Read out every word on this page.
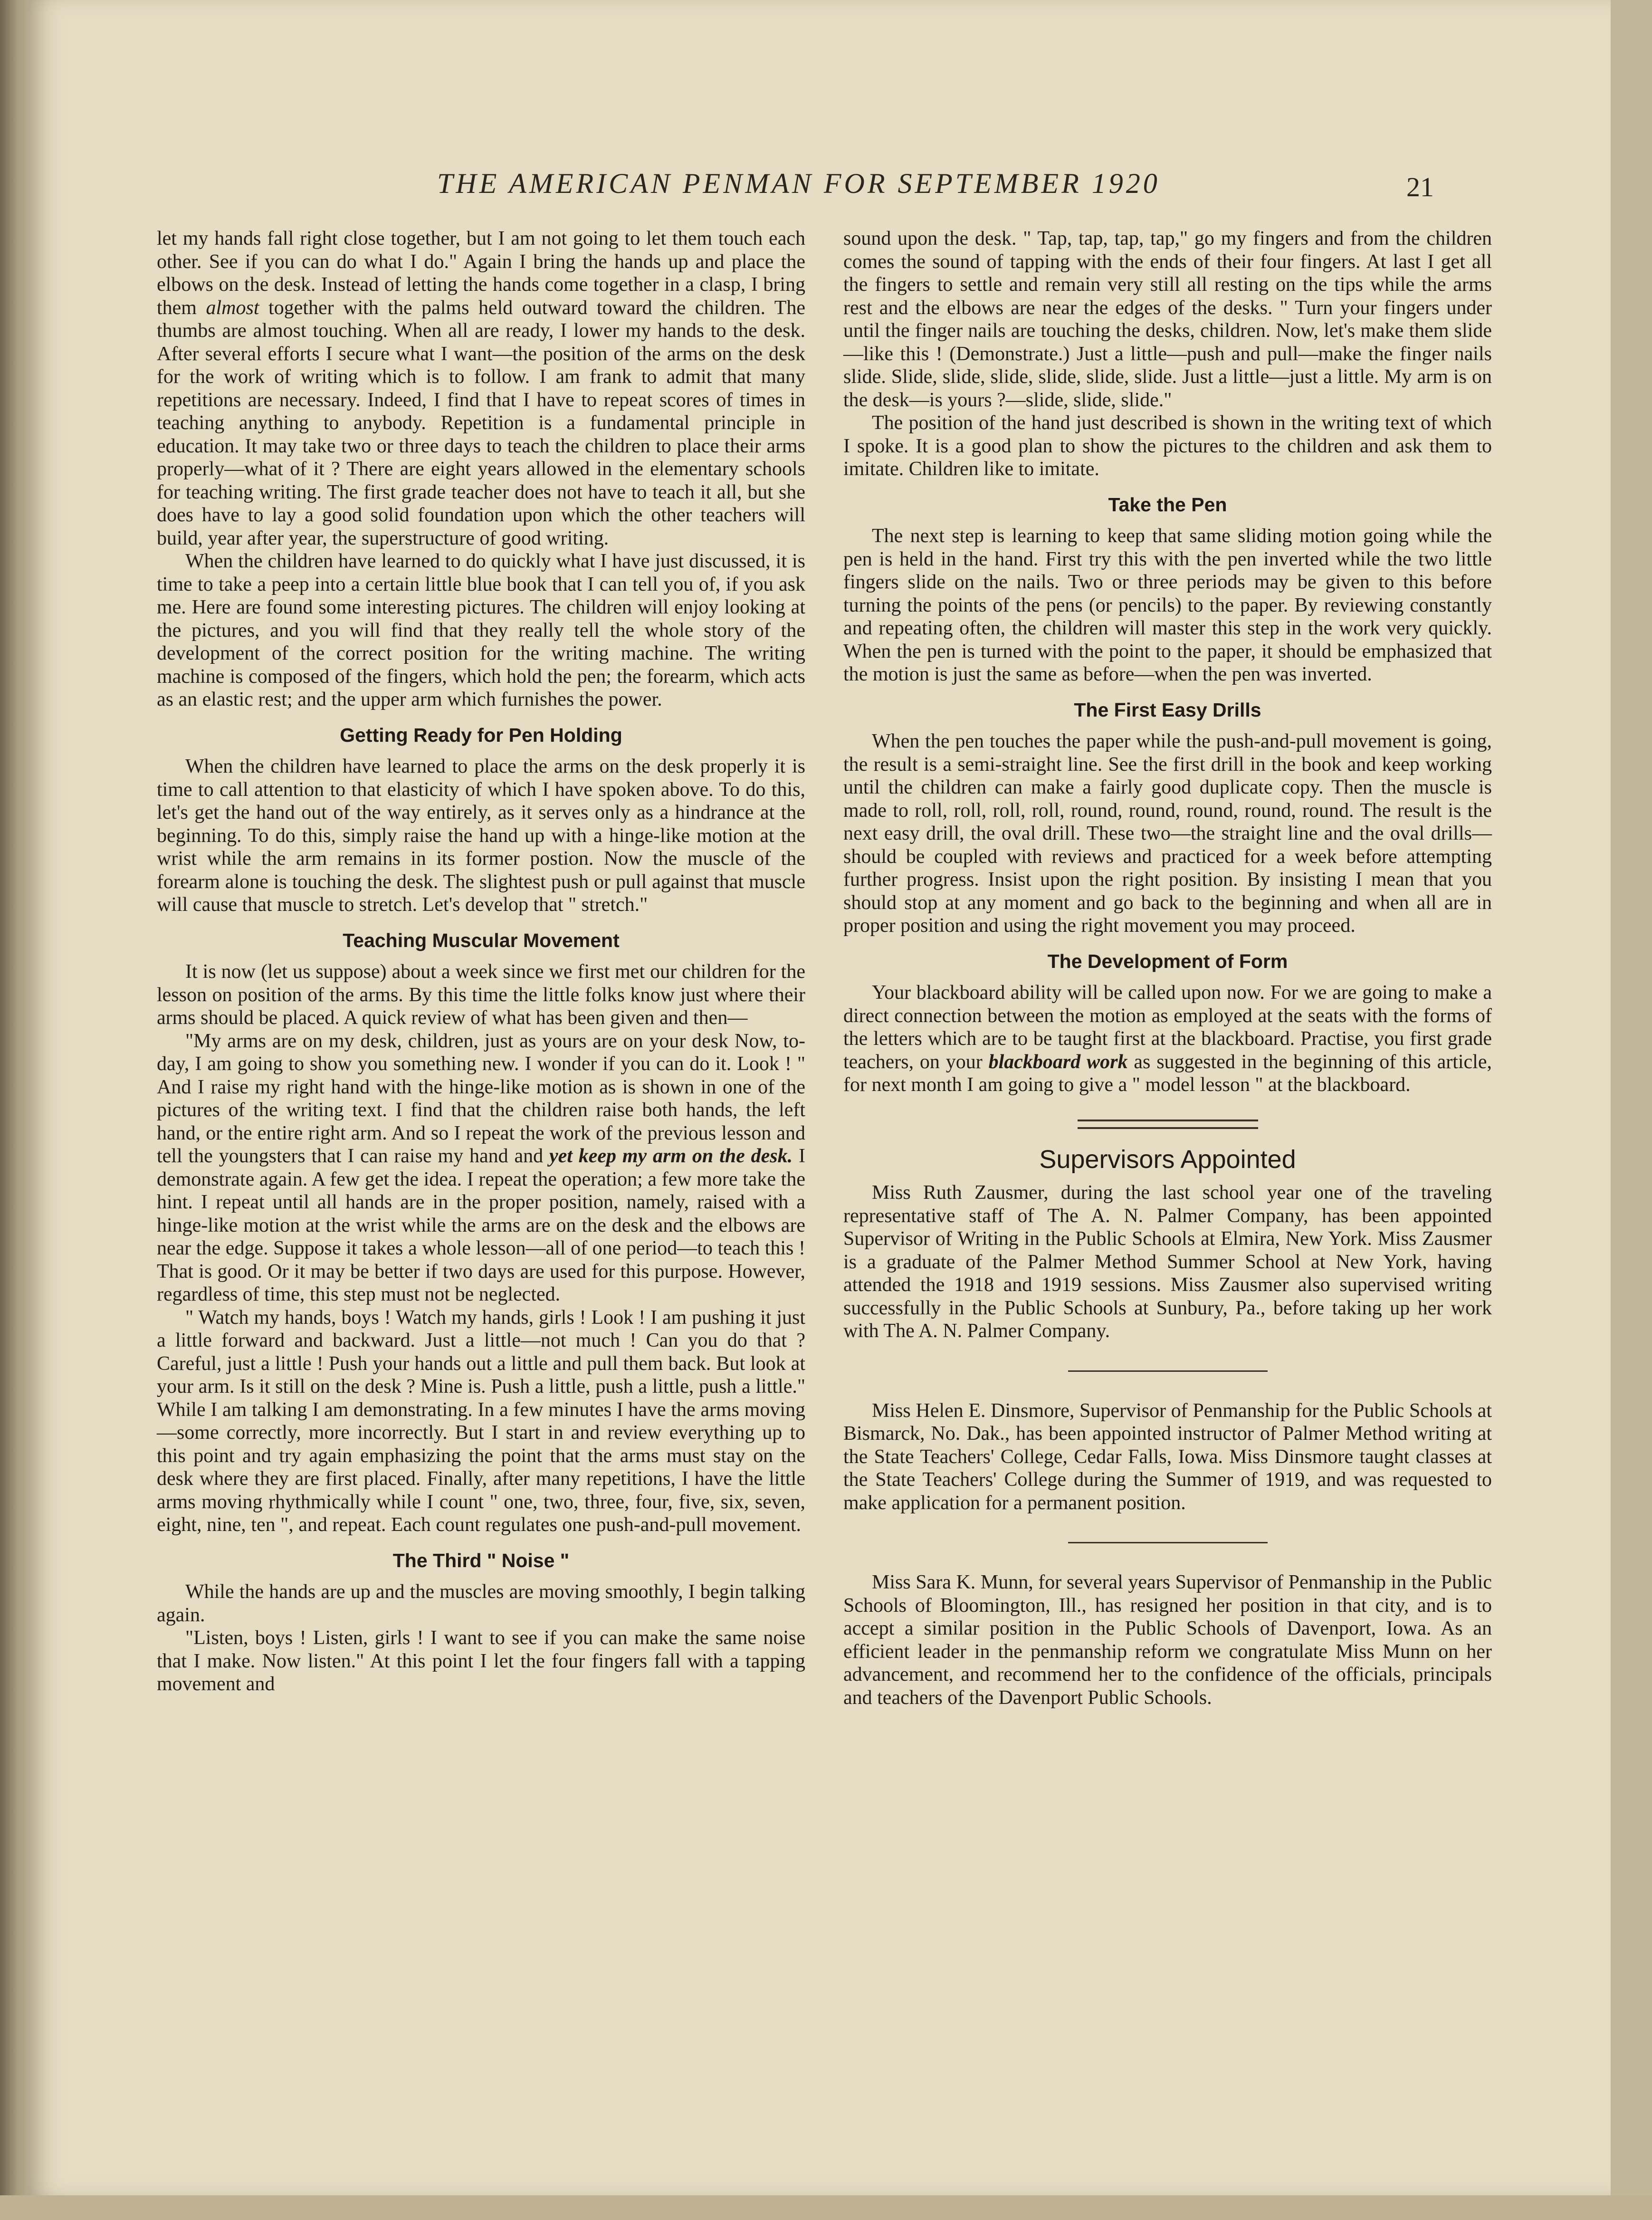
THE AMERICAN PENMAN FOR SEPTEMBER 1920	21

let my hands fall right close together, but I am not going to let them touch each other. See if you can do what I do." Again I bring the hands up and place the elbows on the desk. Instead of letting the hands come together in a clasp, I bring them almost together with the palms held outward toward the children. The thumbs are almost touching. When all are ready, I lower my hands to the desk. After several efforts I secure what I want—the position of the arms on the desk for the work of writing which is to follow. I am frank to admit that many repetitions are necessary. Indeed, I find that I have to repeat scores of times in teaching anything to anybody. Repetition is a fundamental principle in education. It may take two or three days to teach the children to place their arms properly—what of it ? There are eight years allowed in the elementary schools for teaching writing. The first grade teacher does not have to teach it all, but she does have to lay a good solid foundation upon which the other teachers will build, year after year, the superstructure of good writing.

When the children have learned to do quickly what I have just discussed, it is time to take a peep into a certain little blue book that I can tell you of, if you ask me. Here are found some interesting pictures. The children will enjoy looking at the pictures, and you will find that they really tell the whole story of the development of the correct position for the writing machine. The writing machine is composed of the fingers, which hold the pen; the forearm, which acts as an elastic rest; and the upper arm which furnishes the power.

Getting Ready for Pen Holding

When the children have learned to place the arms on the desk properly it is time to call attention to that elasticity of which I have spoken above. To do this, let's get the hand out of the way entirely, as it serves only as a hindrance at the beginning. To do this, simply raise the hand up with a hinge-like motion at the wrist while the arm remains in its former postion. Now the muscle of the forearm alone is touching the desk. The slightest push or pull against that muscle will cause that muscle to stretch. Let's develop that " stretch."

Teaching Muscular Movement

It is now (let us suppose) about a week since we first met our children for the lesson on position of the arms. By this time the little folks know just where their arms should be placed. A quick review of what has been given and then—

"My arms are on my desk, children, just as yours are on your desk Now, to-day, I am going to show you something new. I wonder if you can do it. Look ! " And I raise my right hand with the hinge-like motion as is shown in one of the pictures of the writing text. I find that the children raise both hands, the left hand, or the entire right arm. And so I repeat the work of the previous lesson and tell the youngsters that I can raise my hand and yet keep my arm on the desk. I demonstrate again. A few get the idea. I repeat the operation; a few more take the hint. I repeat until all hands are in the proper position, namely, raised with a hinge-like motion at the wrist while the arms are on the desk and the elbows are near the edge. Suppose it takes a whole lesson—all of one period—to teach this ! That is good. Or it may be better if two days are used for this purpose. However, regardless of time, this step must not be neglected.

" Watch my hands, boys ! Watch my hands, girls ! Look ! I am pushing it just a little forward and backward. Just a little—not much ! Can you do that ? Careful, just a little ! Push your hands out a little and pull them back. But look at your arm. Is it still on the desk ? Mine is. Push a little, push a little, push a little." While I am talking I am demonstrating. In a few minutes I have the arms moving—some correctly, more incorrectly. But I start in and review everything up to this point and try again emphasizing the point that the arms must stay on the desk where they are first placed. Finally, after many repetitions, I have the little arms moving rhythmically while I count " one, two, three, four, five, six, seven, eight, nine, ten ", and repeat. Each count regulates one push-and-pull movement.

The Third " Noise "

While the hands are up and the muscles are moving smoothly, I begin talking again.

"Listen, boys ! Listen, girls ! I want to see if you can make the same noise that I make. Now listen." At this point I let the four fingers fall with a tapping movement and

sound upon the desk. " Tap, tap, tap, tap," go my fingers and from the children comes the sound of tapping with the ends of their four fingers. At last I get all the fingers to settle and remain very still all resting on the tips while the arms rest and the elbows are near the edges of the desks. " Turn your fingers under until the finger nails are touching the desks, children. Now, let's make them slide—like this ! (Demonstrate.) Just a little—push and pull—make the finger nails slide. Slide, slide, slide, slide, slide, slide. Just a little—just a little. My arm is on the desk—is yours ?—slide, slide, slide."

The position of the hand just described is shown in the writing text of which I spoke. It is a good plan to show the pictures to the children and ask them to imitate. Children like to imitate.

Take the Pen

The next step is learning to keep that same sliding motion going while the pen is held in the hand. First try this with the pen inverted while the two little fingers slide on the nails. Two or three periods may be given to this before turning the points of the pens (or pencils) to the paper. By reviewing constantly and repeating often, the children will master this step in the work very quickly. When the pen is turned with the point to the paper, it should be emphasized that the motion is just the same as before—when the pen was inverted.

The First Easy Drills

When the pen touches the paper while the push-and-pull movement is going, the result is a semi-straight line. See the first drill in the book and keep working until the children can make a fairly good duplicate copy. Then the muscle is made to roll, roll, roll, roll, round, round, round, round, round. The result is the next easy drill, the oval drill. These two—the straight line and the oval drills—should be coupled with reviews and practiced for a week before attempting further progress. Insist upon the right position. By insisting I mean that you should stop at any moment and go back to the beginning and when all are in proper position and using the right movement you may proceed.

The Development of Form

Your blackboard ability will be called upon now. For we are going to make a direct connection between the motion as employed at the seats with the forms of the letters which are to be taught first at the blackboard. Practise, you first grade teachers, on your blackboard work as suggested in the beginning of this article, for next month I am going to give a " model lesson " at the blackboard.

Supervisors Appointed

Miss Ruth Zausmer, during the last school year one of the traveling representative staff of The A. N. Palmer Company, has been appointed Supervisor of Writing in the Public Schools at Elmira, New York. Miss Zausmer is a graduate of the Palmer Method Summer School at New York, having attended the 1918 and 1919 sessions. Miss Zausmer also supervised writing successfully in the Public Schools at Sunbury, Pa., before taking up her work with The A. N. Palmer Company.

Miss Helen E. Dinsmore, Supervisor of Penmanship for the Public Schools at Bismarck, No. Dak., has been appointed instructor of Palmer Method writing at the State Teachers' College, Cedar Falls, Iowa. Miss Dinsmore taught classes at the State Teachers' College during the Summer of 1919, and was requested to make application for a permanent position.

Miss Sara K. Munn, for several years Supervisor of Penmanship in the Public Schools of Bloomington, Ill., has resigned her position in that city, and is to accept a similar position in the Public Schools of Davenport, Iowa. As an efficient leader in the penmanship reform we congratulate Miss Munn on her advancement, and recommend her to the confidence of the officials, principals and teachers of the Davenport Public Schools.
